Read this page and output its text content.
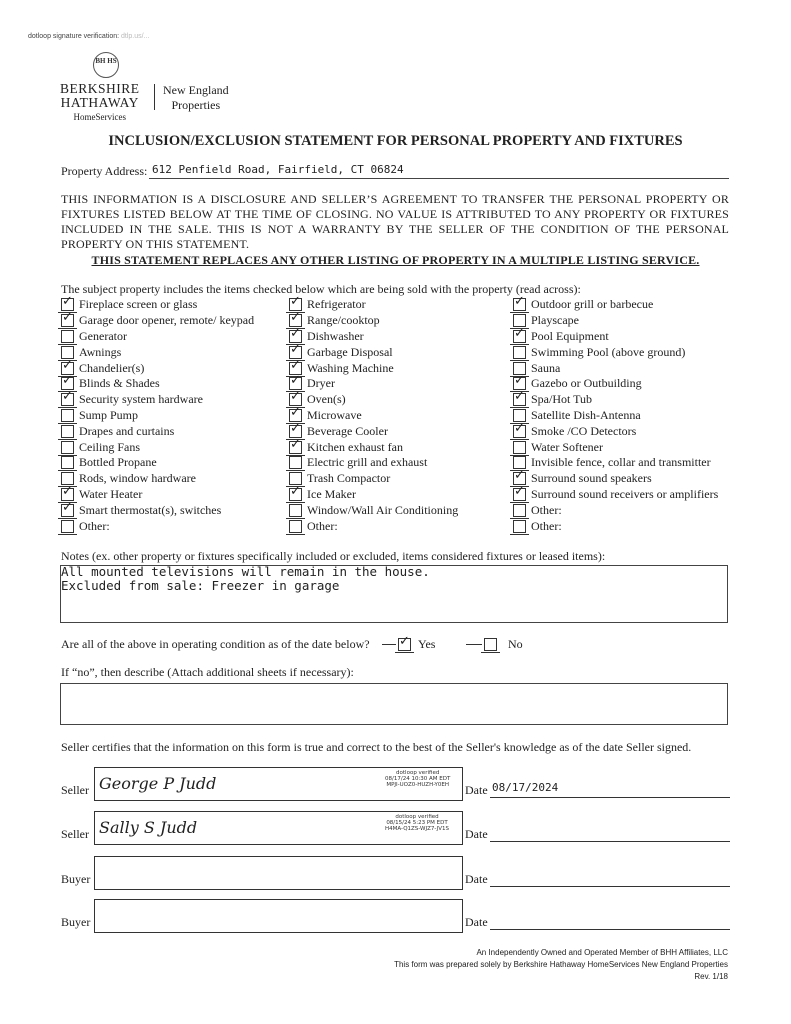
dotloop signature verification: dtlp.us/...
BH HS
BERKSHIRE
HATHAWAY
HomeServices
New England
Properties
INCLUSION/EXCLUSION STATEMENT FOR PERSONAL PROPERTY AND FIXTURES
Property Address: 612 Penfield Road, Fairfield, CT 06824
THIS INFORMATION IS A DISCLOSURE AND SELLER’S AGREEMENT TO TRANSFER THE PERSONAL PROPERTY OR FIXTURES LISTED BELOW AT THE TIME OF CLOSING. NO VALUE IS ATTRIBUTED TO ANY PROPERTY OR FIXTURES INCLUDED IN THE SALE. THIS IS NOT A WARRANTY BY THE SELLER OF THE CONDITION OF THE PERSONAL PROPERTY ON THIS STATEMENT.
THIS STATEMENT REPLACES ANY OTHER LISTING OF PROPERTY IN A MULTIPLE LISTING SERVICE.
The subject property includes the items checked below which are being sold with the property (read across):
✓
Fireplace screen or glass
✓
Garage door opener, remote/ keypad
Generator
Awnings
✓
Chandelier(s)
✓
Blinds & Shades
✓
Security system hardware
Sump Pump
Drapes and curtains
Ceiling Fans
Bottled Propane
Rods, window hardware
✓
Water Heater
✓
Smart thermostat(s), switches
Other:
✓
Refrigerator
✓
Range/cooktop
✓
Dishwasher
✓
Garbage Disposal
✓
Washing Machine
✓
Dryer
✓
Oven(s)
✓
Microwave
✓
Beverage Cooler
✓
Kitchen exhaust fan
Electric grill and exhaust
Trash Compactor
✓
Ice Maker
Window/Wall Air Conditioning
Other:
✓
Outdoor grill or barbecue
Playscape
✓
Pool Equipment
Swimming Pool (above ground)
Sauna
✓
Gazebo or Outbuilding
✓
Spa/Hot Tub
Satellite Dish-Antenna
✓
Smoke /CO Detectors
Water Softener
Invisible fence, collar and transmitter
✓
Surround sound speakers
✓
Surround sound receivers or amplifiers
Other:
Other:
Notes (ex. other property or fixtures specifically included or excluded, items considered fixtures or leased items):
All mounted televisions will remain in the house.
Excluded from sale: Freezer in garage
Are all of the above in operating condition as of the date below?
✓	Yes	No
If “no”, then describe (Attach additional sheets if necessary):
Seller certifies that the information on this form is true and correct to the best of the Seller's knowledge as of the date Seller signed.
Seller George P Judd
dotloop verified
08/17/24 10:30 AM EDT
MPJI-UOZ0-HUZH-Y0EH Date 08/17/2024
Seller Sally S Judd
dotloop verified
08/15/24 5:23 PM EDT
H4MA-Q1ZS-WJZ7-JV1S Date
Buyer	Date
Buyer	Date
An Independently Owned and Operated Member of BHH Affiliates, LLC
This form was prepared solely by Berkshire Hathaway HomeServices New England Properties
Rev. 1/18
